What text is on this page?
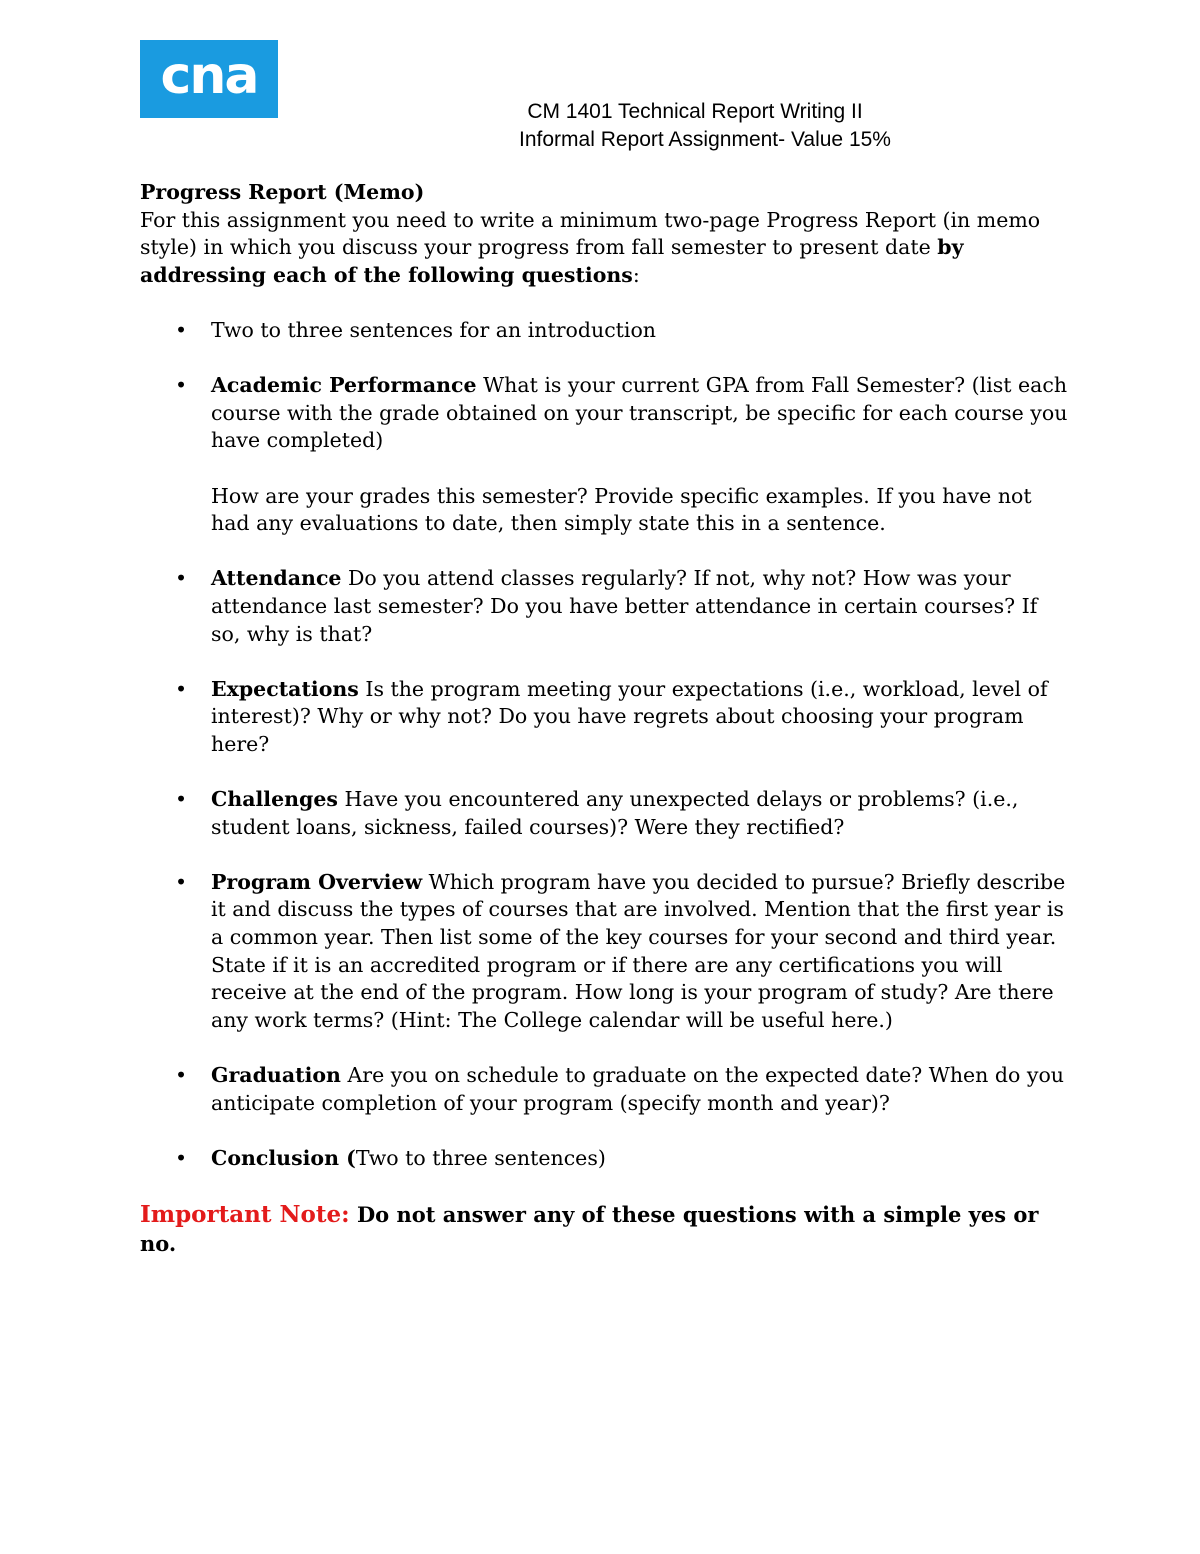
cna
CM 1401 Technical Report Writing II
Informal Report Assignment- Value 15%

Progress Report (Memo)

For this assignment you need to write a minimum two-page Progress Report (in memo style) in which you discuss your progress from fall semester to present date by addressing each of the following questions:

• Two to three sentences for an introduction

• Academic Performance What is your current GPA from Fall Semester? (list each course with the grade obtained on your transcript, be specific for each course you have completed)

How are your grades this semester? Provide specific examples. If you have not had any evaluations to date, then simply state this in a sentence.

• Attendance Do you attend classes regularly? If not, why not? How was your attendance last semester? Do you have better attendance in certain courses? If so, why is that?
• Expectations Is the program meeting your expectations (i.e., workload, level of interest)? Why or why not? Do you have regrets about choosing your program here?
• Challenges Have you encountered any unexpected delays or problems? (i.e., student loans, sickness, failed courses)? Were they rectified?
• Program Overview Which program have you decided to pursue? Briefly describe it and discuss the types of courses that are involved. Mention that the first year is a common year. Then list some of the key courses for your second and third year. State if it is an accredited program or if there are any certifications you will receive at the end of the program. How long is your program of study? Are there any work terms? (Hint: The College calendar will be useful here.)
• Graduation Are you on schedule to graduate on the expected date? When do you anticipate completion of your program (specify month and year)?
• Conclusion (Two to three sentences)

Important Note: Do not answer any of these questions with a simple yes or no.
